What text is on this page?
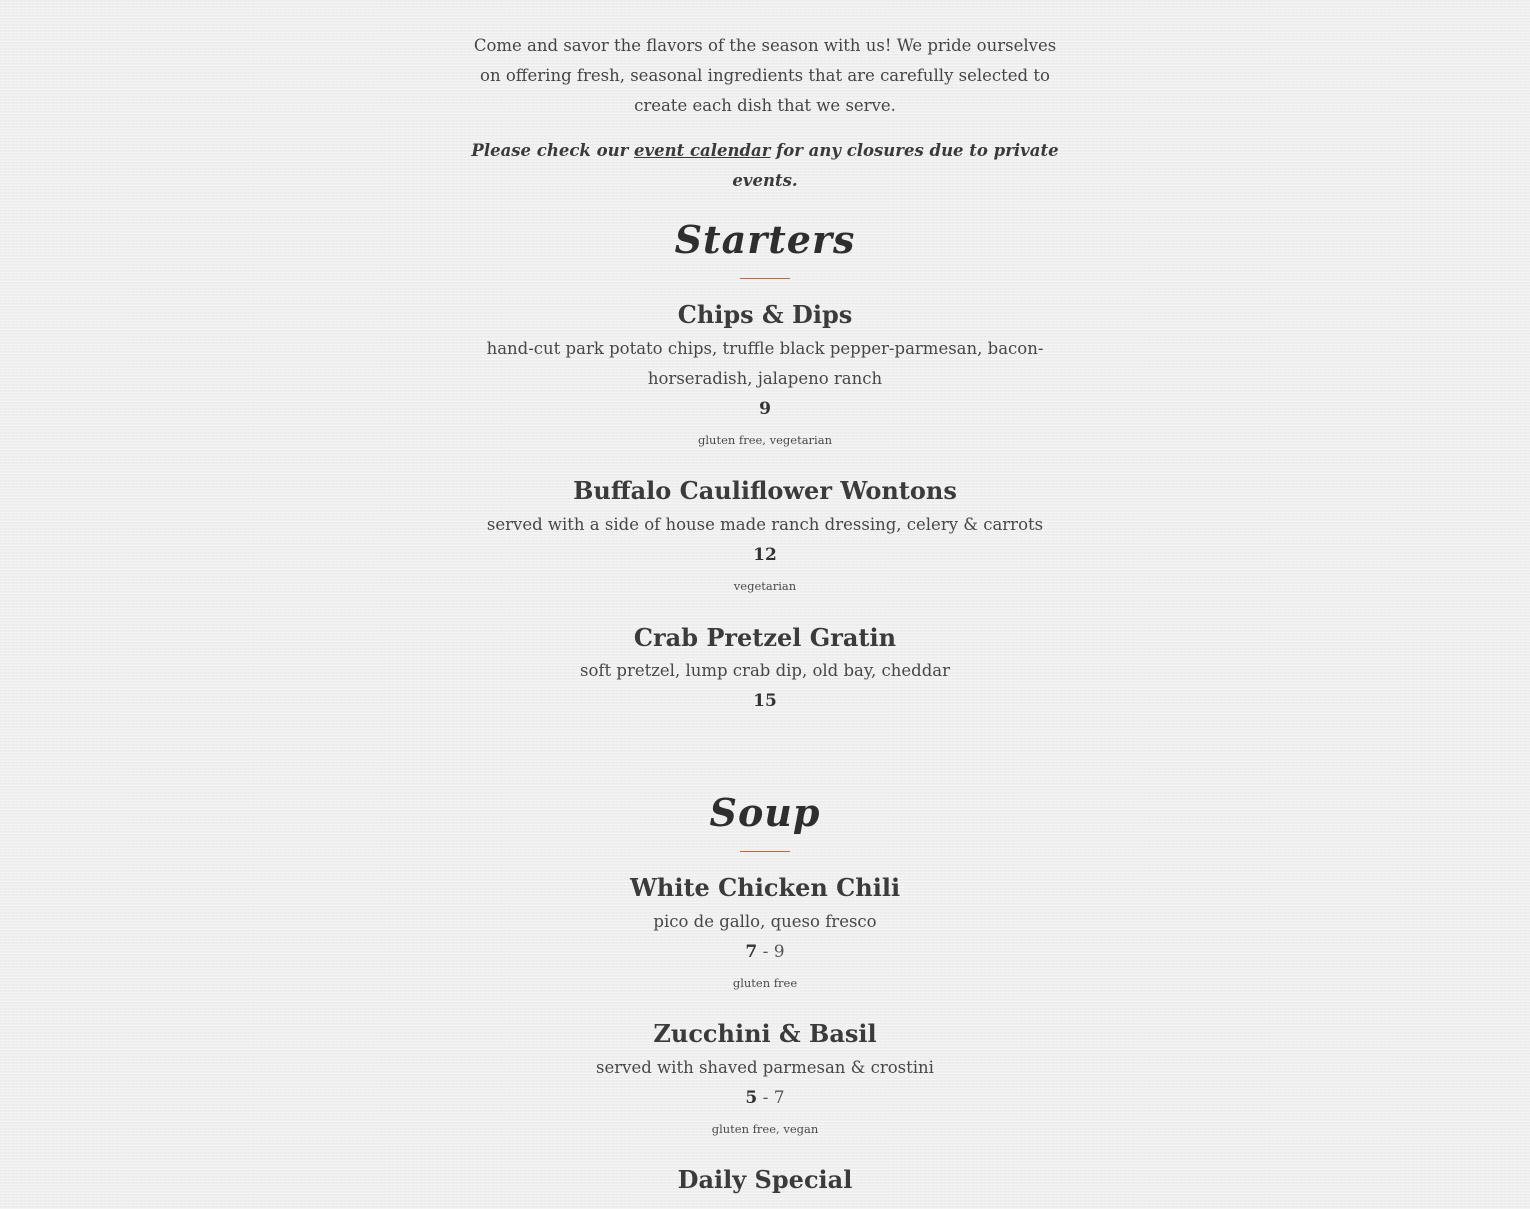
Come and savor the flavors of the season with us! We pride ourselves on offering fresh, seasonal ingredients that are carefully selected to create each dish that we serve.

Please check our event calendar for any closures due to private events.

Starters
Chips & Dips

hand-cut park potato chips, truffle black pepper-parmesan, bacon-horseradish, jalapeno ranch

9

gluten free, vegetarian

Buffalo Cauliflower Wontons

served with a side of house made ranch dressing, celery & carrots

12

vegetarian

Crab Pretzel Gratin

soft pretzel, lump crab dip, old bay, cheddar

15

Soup
White Chicken Chili

pico de gallo, queso fresco

7 - 9

gluten free

Zucchini & Basil

served with shaved parmesan & crostini

5 - 7

gluten free, vegan

Daily Special
